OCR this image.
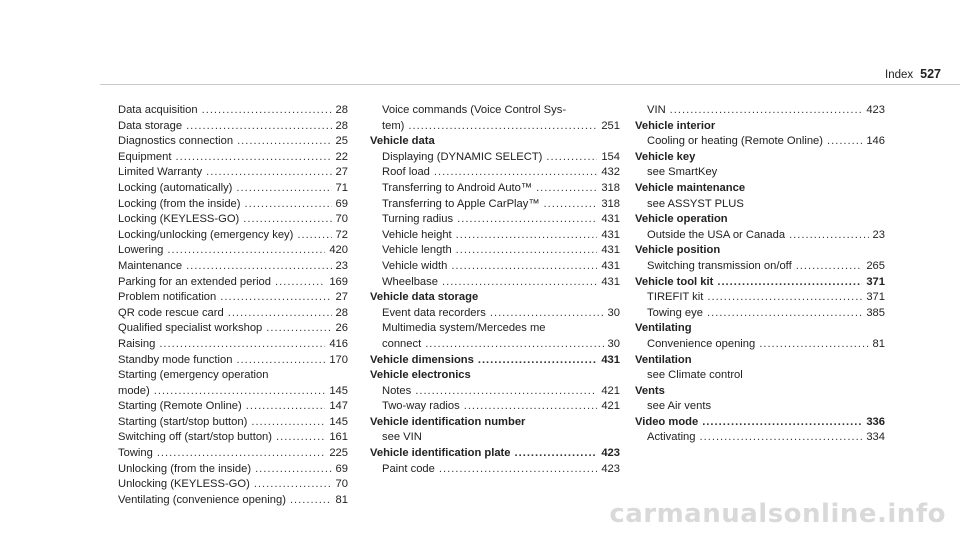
Index 527
Data acquisition .....	28
Data storage .....	28
Diagnostics connection .....	25
Equipment .....	22
Limited Warranty .....	27
Locking (automatically) .....	71
Locking (from the inside) .....	69
Locking (KEYLESS-GO) .....	70
Locking/unlocking (emergency key) .....	72
Lowering .....	420
Maintenance .....	23
Parking for an extended period .....	169
Problem notification .....	27
QR code rescue card .....	28
Qualified specialist workshop .....	26
Raising .....	416
Standby mode function .....	170
Starting (emergency operation
mode) .....	145
Starting (Remote Online) .....	147
Starting (start/stop button) .....	145
Switching off (start/stop button) .....	161
Towing .....	225
Unlocking (from the inside) .....	69
Unlocking (KEYLESS-GO) .....	70
Ventilating (convenience opening) .....	81
Voice commands (Voice Control Sys-
tem) .....	251
Vehicle data
Displaying (DYNAMIC SELECT) .....	154
Roof load .....	432
Transferring to Android Auto™ .....	318
Transferring to Apple CarPlay™ .....	318
Turning radius .....	431
Vehicle height .....	431
Vehicle length .....	431
Vehicle width .....	431
Wheelbase .....	431
Vehicle data storage
Event data recorders .....	30
Multimedia system/Mercedes me
connect .....	30
Vehicle dimensions .....	431
Vehicle electronics
Notes .....	421
Two-way radios .....	421
Vehicle identification number
see VIN
Vehicle identification plate .....	423
Paint code .....	423
VIN .....	423
Vehicle interior
Cooling or heating (Remote Online) .....	146
Vehicle key
see SmartKey
Vehicle maintenance
see ASSYST PLUS
Vehicle operation
Outside the USA or Canada .....	23
Vehicle position
Switching transmission on/off .....	265
Vehicle tool kit .....	371
TIREFIT kit .....	371
Towing eye .....	385
Ventilating
Convenience opening .....	81
Ventilation
see Climate control
Vents
see Air vents
Video mode .....	336
Activating .....	334
carmanualsonline.info
